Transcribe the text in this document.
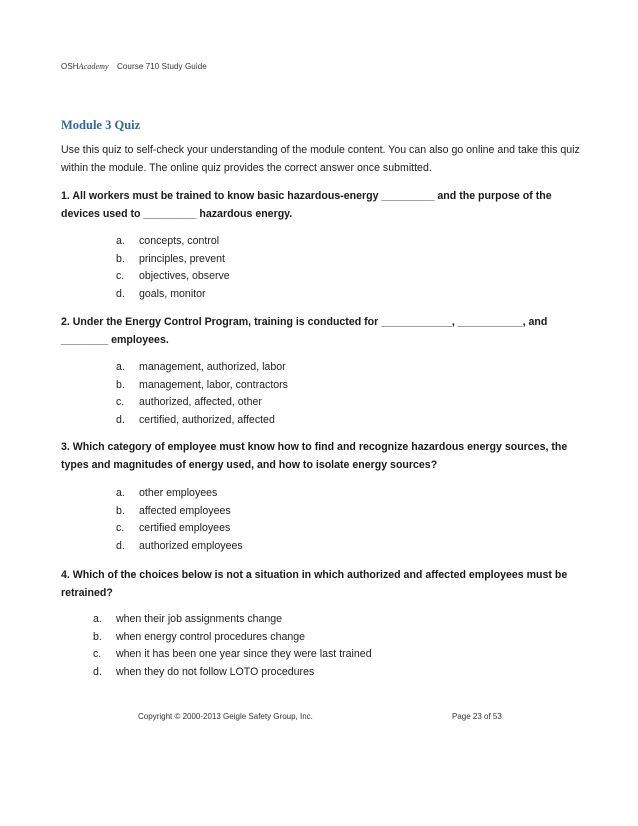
OSHAcademy Course 710 Study Guide
Module 3 Quiz
Use this quiz to self-check your understanding of the module content. You can also go online and take this quiz within the module. The online quiz provides the correct answer once submitted.
1. All workers must be trained to know basic hazardous-energy _________ and the purpose of the devices used to _________ hazardous energy.
a.	concepts, control
b.	principles, prevent
c.	objectives, observe
d.	goals, monitor
2. Under the Energy Control Program, training is conducted for ____________, ___________, and ________ employees.
a.	management, authorized, labor
b.	management, labor, contractors
c.	authorized, affected, other
d.	certified, authorized, affected
3. Which category of employee must know how to find and recognize hazardous energy sources, the types and magnitudes of energy used, and how to isolate energy sources?
a.	other employees
b.	affected employees
c.	certified employees
d.	authorized employees
4. Which of the choices below is not a situation in which authorized and affected employees must be retrained?
a.	when their job assignments change
b.	when energy control procedures change
c.	when it has been one year since they were last trained
d.	when they do not follow LOTO procedures
Copyright © 2000-2013 Geigle Safety Group, Inc.	Page 23 of 53
